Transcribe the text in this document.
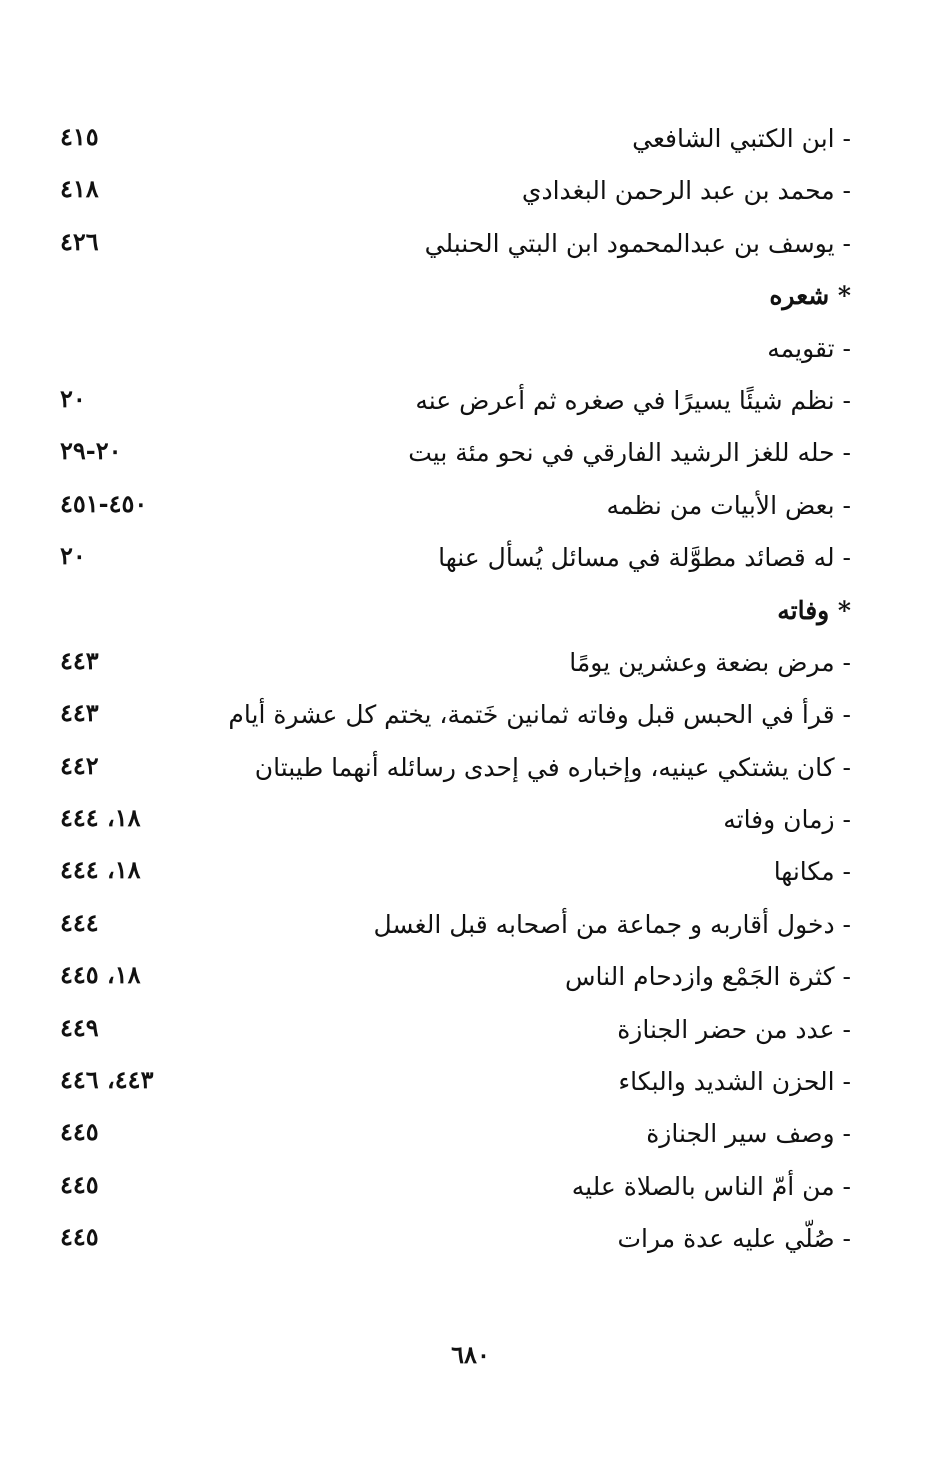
- ابن الكتبي الشافعي
٤١٥
- محمد بن عبد الرحمن البغدادي
٤١٨
- يوسف بن عبدالمحمود ابن البتي الحنبلي
٤٢٦
* شعره
- تقويمه
- نظم شيئًا يسيرًا في صغره ثم أعرض عنه
٢٠
- حله للغز الرشيد الفارقي في نحو مئة بيت
٢٠-٢٩
- بعض الأبيات من نظمه
٤٥٠-٤٥١
- له قصائد مطوَّلة في مسائل يُسأل عنها
٢٠
* وفاته
- مرض بضعة وعشرين يومًا
٤٤٣
- قرأ في الحبس قبل وفاته ثمانين خَتمة، يختم كل عشرة أيام
٤٤٣
- كان يشتكي عينيه، وإخباره في إحدى رسائله أنهما طيبتان
٤٤٢
- زمان وفاته
١٨، ٤٤٤
- مكانها
١٨، ٤٤٤
- دخول أقاربه و جماعة من أصحابه قبل الغسل
٤٤٤
- كثرة الجَمْع وازدحام الناس
١٨، ٤٤٥
- عدد من حضر الجنازة
٤٤٩
- الحزن الشديد والبكاء
٤٤٣، ٤٤٦
- وصف سير الجنازة
٤٤٥
- من أمّ الناس بالصلاة عليه
٤٤٥
- صُلّي عليه عدة مرات
٤٤٥
٦٨٠
